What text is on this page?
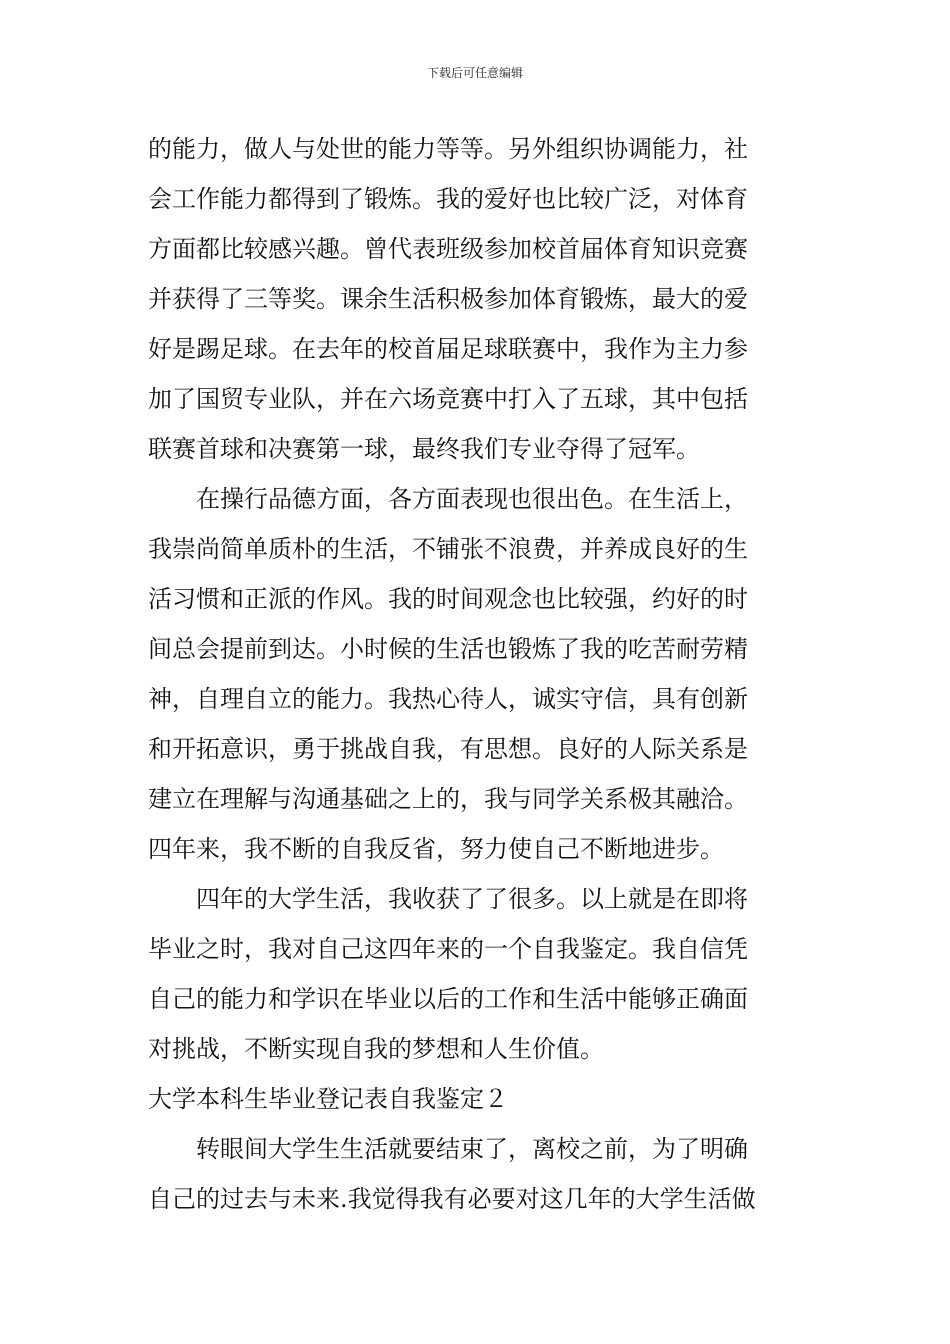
下载后可任意编辑
的能力，做人与处世的能力等等。另外组织协调能力，社
会工作能力都得到了锻炼。我的爱好也比较广泛，对体育
方面都比较感兴趣。曾代表班级参加校首届体育知识竞赛
并获得了三等奖。课余生活积极参加体育锻炼，最大的爱
好是踢足球。在去年的校首届足球联赛中，我作为主力参
加了国贸专业队，并在六场竞赛中打入了五球，其中包括
联赛首球和决赛第一球，最终我们专业夺得了冠军。
在操行品德方面，各方面表现也很出色。在生活上，
我崇尚简单质朴的生活，不铺张不浪费，并养成良好的生
活习惯和正派的作风。我的时间观念也比较强，约好的时
间总会提前到达。小时候的生活也锻炼了我的吃苦耐劳精
神，自理自立的能力。我热心待人，诚实守信，具有创新
和开拓意识，勇于挑战自我，有思想。良好的人际关系是
建立在理解与沟通基础之上的，我与同学关系极其融洽。
四年来，我不断的自我反省，努力使自己不断地进步。
四年的大学生活，我收获了了很多。以上就是在即将
毕业之时，我对自己这四年来的一个自我鉴定。我自信凭
自己的能力和学识在毕业以后的工作和生活中能够正确面
对挑战，不断实现自我的梦想和人生价值。
大学本科生毕业登记表自我鉴定２
转眼间大学生生活就要结束了，离校之前，为了明确
自己的过去与未来.我觉得我有必要对这几年的大学生活做
